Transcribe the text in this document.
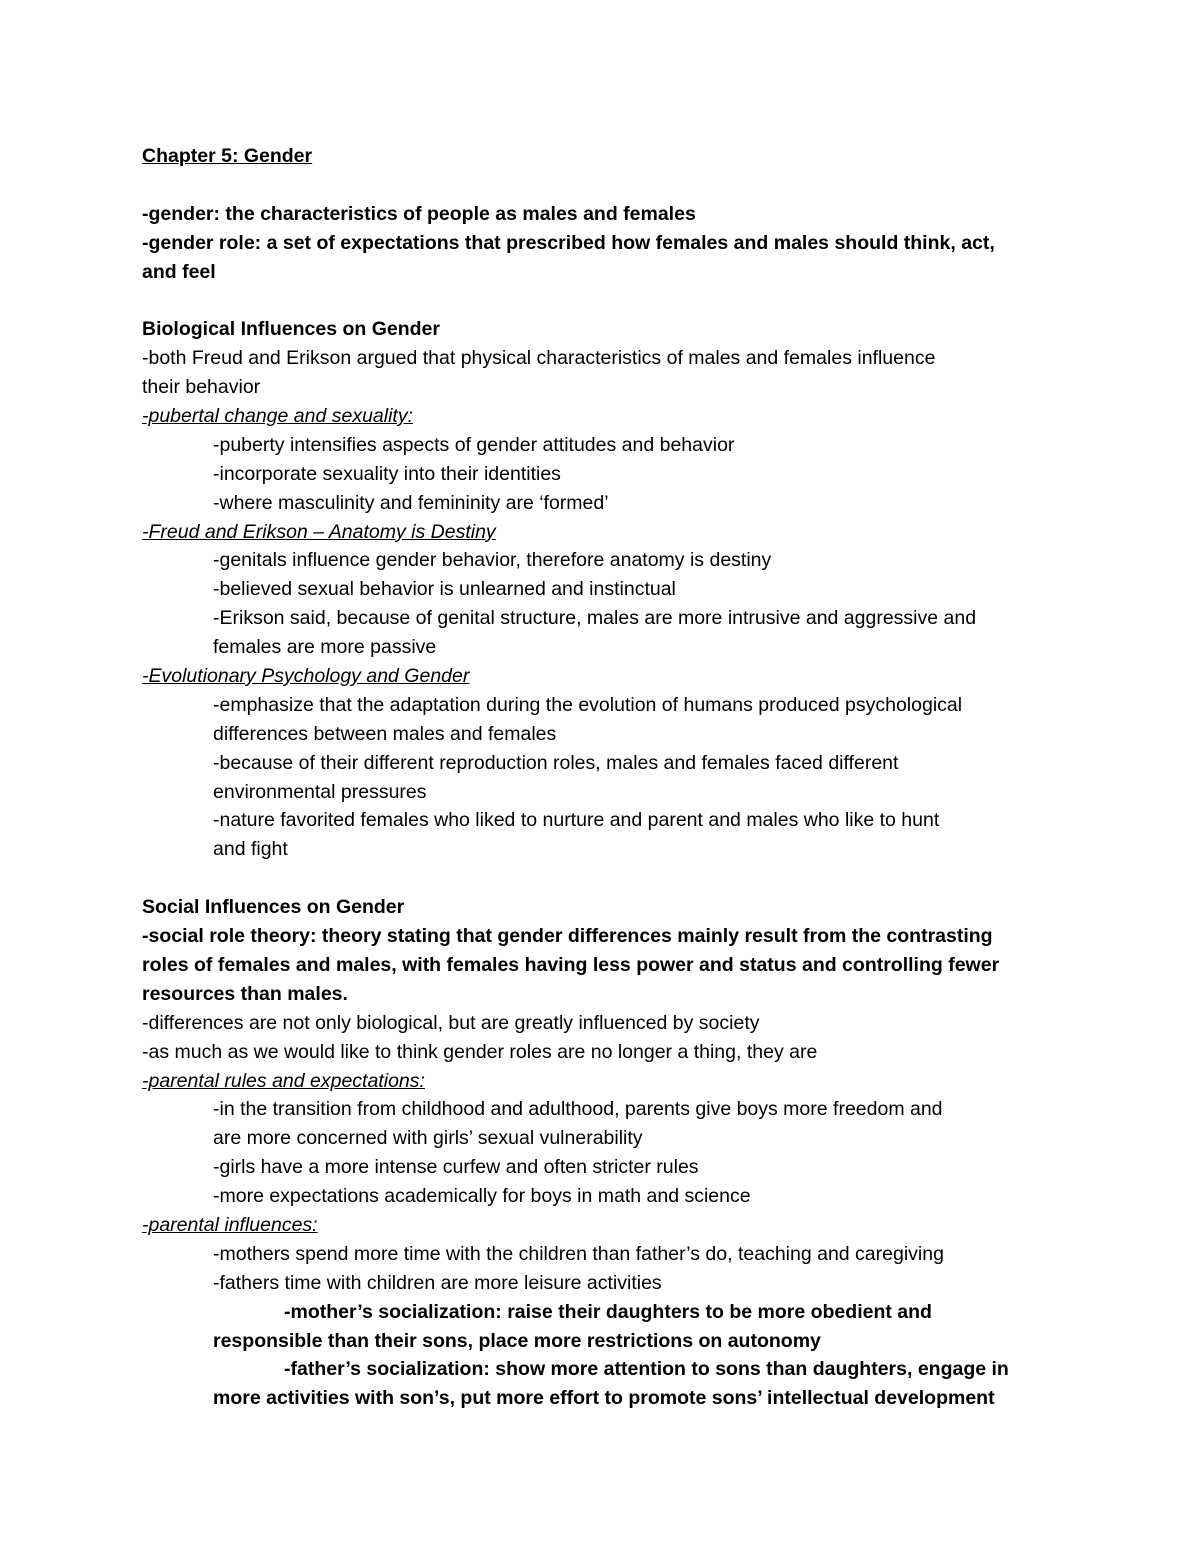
Chapter 5: Gender
-gender: the characteristics of people as males and females
-gender role: a set of expectations that prescribed how females and males should think, act,
and feel
Biological Influences on Gender
-both Freud and Erikson argued that physical characteristics of males and females influence
their behavior
-pubertal change and sexuality:
-puberty intensifies aspects of gender attitudes and behavior
-incorporate sexuality into their identities
-where masculinity and femininity are ‘formed’
-Freud and Erikson – Anatomy is Destiny
-genitals influence gender behavior, therefore anatomy is destiny
-believed sexual behavior is unlearned and instinctual
-Erikson said, because of genital structure, males are more intrusive and aggressive and
females are more passive
-Evolutionary Psychology and Gender
-emphasize that the adaptation during the evolution of humans produced psychological
differences between males and females
-because of their different reproduction roles, males and females faced different
environmental pressures
-nature favorited females who liked to nurture and parent and males who like to hunt
and fight
Social Influences on Gender
-social role theory: theory stating that gender differences mainly result from the contrasting
roles of females and males, with females having less power and status and controlling fewer
resources than males.
-differences are not only biological, but are greatly influenced by society
-as much as we would like to think gender roles are no longer a thing, they are
-parental rules and expectations:
-in the transition from childhood and adulthood, parents give boys more freedom and
are more concerned with girls’ sexual vulnerability
-girls have a more intense curfew and often stricter rules
-more expectations academically for boys in math and science
-parental influences:
-mothers spend more time with the children than father’s do, teaching and caregiving
-fathers time with children are more leisure activities
-mother’s socialization: raise their daughters to be more obedient and
responsible than their sons, place more restrictions on autonomy
-father’s socialization: show more attention to sons than daughters, engage in
more activities with son’s, put more effort to promote sons’ intellectual development
